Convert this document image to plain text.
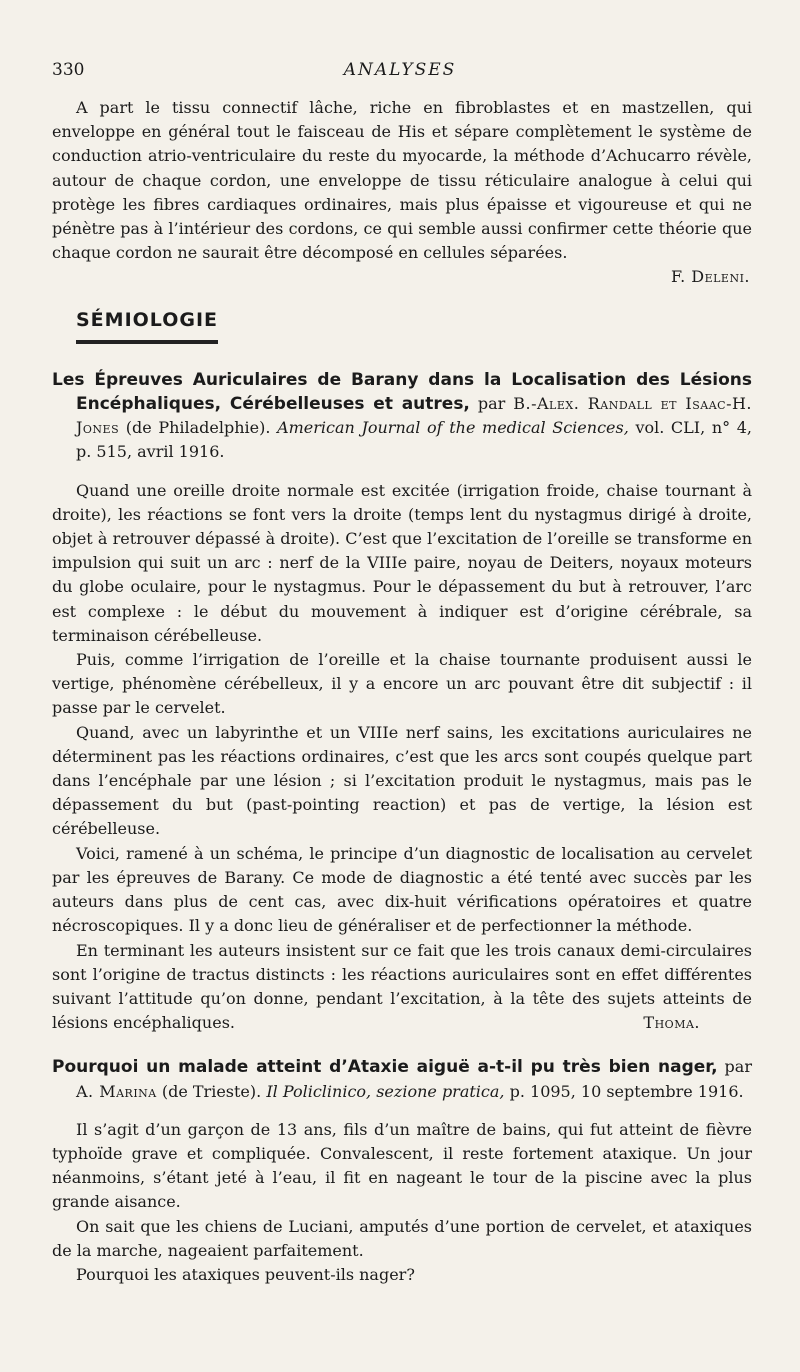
330	ANALYSES

A part le tissu connectif lâche, riche en fibroblastes et en mastzellen, qui enveloppe en général tout le faisceau de His et sépare complètement le système de conduction atrio-ventriculaire du reste du myocarde, la méthode d’Achucarro révèle, autour de chaque cordon, une enveloppe de tissu réticulaire analogue à celui qui protège les fibres cardiaques ordinaires, mais plus épaisse et vigoureuse et qui ne pénètre pas à l’intérieur des cordons, ce qui semble aussi confirmer cette théorie que chaque cordon ne saurait être décomposé en cellules séparées.

F. Deleni.

SÉMIOLOGIE

Les Épreuves Auriculaires de Barany dans la Localisation des Lésions Encéphaliques, Cérébelleuses et autres, par B.-Alex. Randall et Isaac-H. Jones (de Philadelphie). American Journal of the medical Sciences, vol. CLI, n° 4, p. 515, avril 1916.

Quand une oreille droite normale est excitée (irrigation froide, chaise tournant à droite), les réactions se font vers la droite (temps lent du nystagmus dirigé à droite, objet à retrouver dépassé à droite). C’est que l’excitation de l’oreille se transforme en impulsion qui suit un arc : nerf de la VIIIe paire, noyau de Deiters, noyaux moteurs du globe oculaire, pour le nystagmus. Pour le dépassement du but à retrouver, l’arc est complexe : le début du mouvement à indiquer est d’origine cérébrale, sa terminaison cérébelleuse.

Puis, comme l’irrigation de l’oreille et la chaise tournante produisent aussi le vertige, phénomène cérébelleux, il y a encore un arc pouvant être dit subjectif : il passe par le cervelet.

Quand, avec un labyrinthe et un VIIIe nerf sains, les excitations auriculaires ne déterminent pas les réactions ordinaires, c’est que les arcs sont coupés quelque part dans l’encéphale par une lésion ; si l’excitation produit le nystagmus, mais pas le dépassement du but (past-pointing reaction) et pas de vertige, la lésion est cérébelleuse.

Voici, ramené à un schéma, le principe d’un diagnostic de localisation au cervelet par les épreuves de Barany. Ce mode de diagnostic a été tenté avec succès par les auteurs dans plus de cent cas, avec dix-huit vérifications opératoires et quatre nécroscopiques. Il y a donc lieu de généraliser et de perfectionner la méthode.

En terminant les auteurs insistent sur ce fait que les trois canaux demi-circulaires sont l’origine de tractus distincts : les réactions auriculaires sont en effet différentes suivant l’attitude qu’on donne, pendant l’excitation, à la tête des sujets atteints de lésions encéphaliques.	Thoma.

Pourquoi un malade atteint d’Ataxie aiguë a-t-il pu très bien nager, par A. Marina (de Trieste). Il Policlinico, sezione pratica, p. 1095, 10 septembre 1916.

Il s’agit d’un garçon de 13 ans, fils d’un maître de bains, qui fut atteint de fièvre typhoïde grave et compliquée. Convalescent, il reste fortement ataxique. Un jour néanmoins, s’étant jeté à l’eau, il fit en nageant le tour de la piscine avec la plus grande aisance.

On sait que les chiens de Luciani, amputés d’une portion de cervelet, et ataxiques de la marche, nageaient parfaitement.

Pourquoi les ataxiques peuvent-ils nager?
